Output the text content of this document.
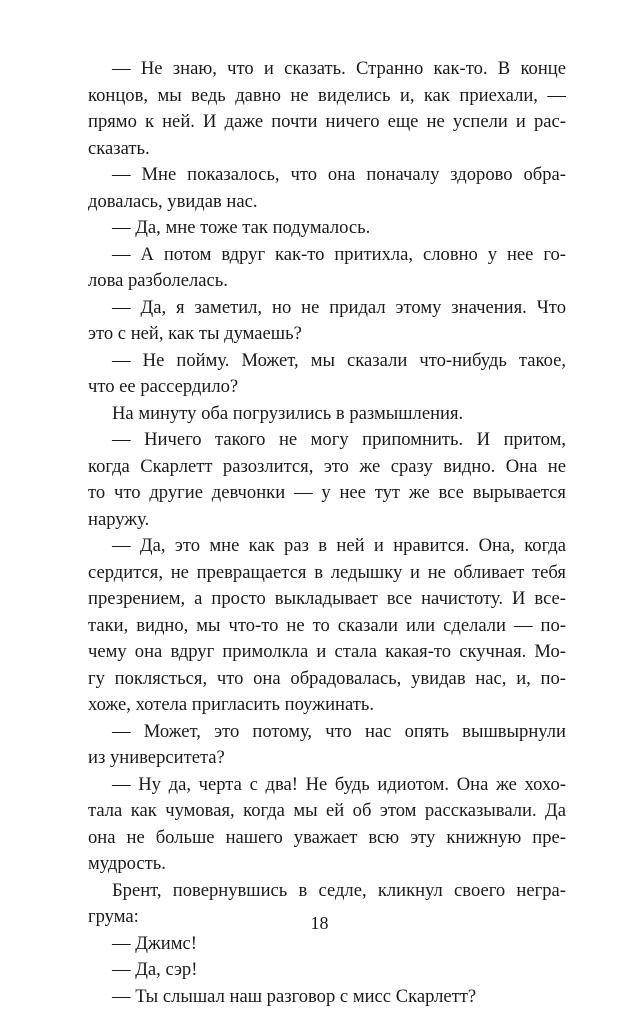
— Не знаю, что и сказать. Странно как-то. В конце
концов, мы ведь давно не виделись и, как приехали, —
прямо к ней. И даже почти ничего еще не успели и рас-
сказать.
— Мне показалось, что она поначалу здорово обра-
довалась, увидав нас.
— Да, мне тоже так подумалось.
— А потом вдруг как-то притихла, словно у нее го-
лова разболелась.
— Да, я заметил, но не придал этому значения. Что
это с ней, как ты думаешь?
— Не пойму. Может, мы сказали что-нибудь такое,
что ее рассердило?
На минуту оба погрузились в размышления.
— Ничего такого не могу припомнить. И притом,
когда Скарлетт разозлится, это же сразу видно. Она не
то что другие девчонки — у нее тут же все вырывается
наружу.
— Да, это мне как раз в ней и нравится. Она, когда
сердится, не превращается в ледышку и не обливает тебя
презрением, а просто выкладывает все начистоту. И все-
таки, видно, мы что-то не то сказали или сделали — по-
чему она вдруг примолкла и стала какая-то скучная. Мо-
гу поклясться, что она обрадовалась, увидав нас, и, по-
хоже, хотела пригласить поужинать.
— Может, это потому, что нас опять вышвырнули
из университета?
— Ну да, черта с два! Не будь идиотом. Она же хохо-
тала как чумовая, когда мы ей об этом рассказывали. Да
она не больше нашего уважает всю эту книжную пре-
мудрость.
Брент, повернувшись в седле, кликнул своего негра-
грума:
— Джимс!
— Да, сэр!
— Ты слышал наш разговор с мисс Скарлетт?
18
